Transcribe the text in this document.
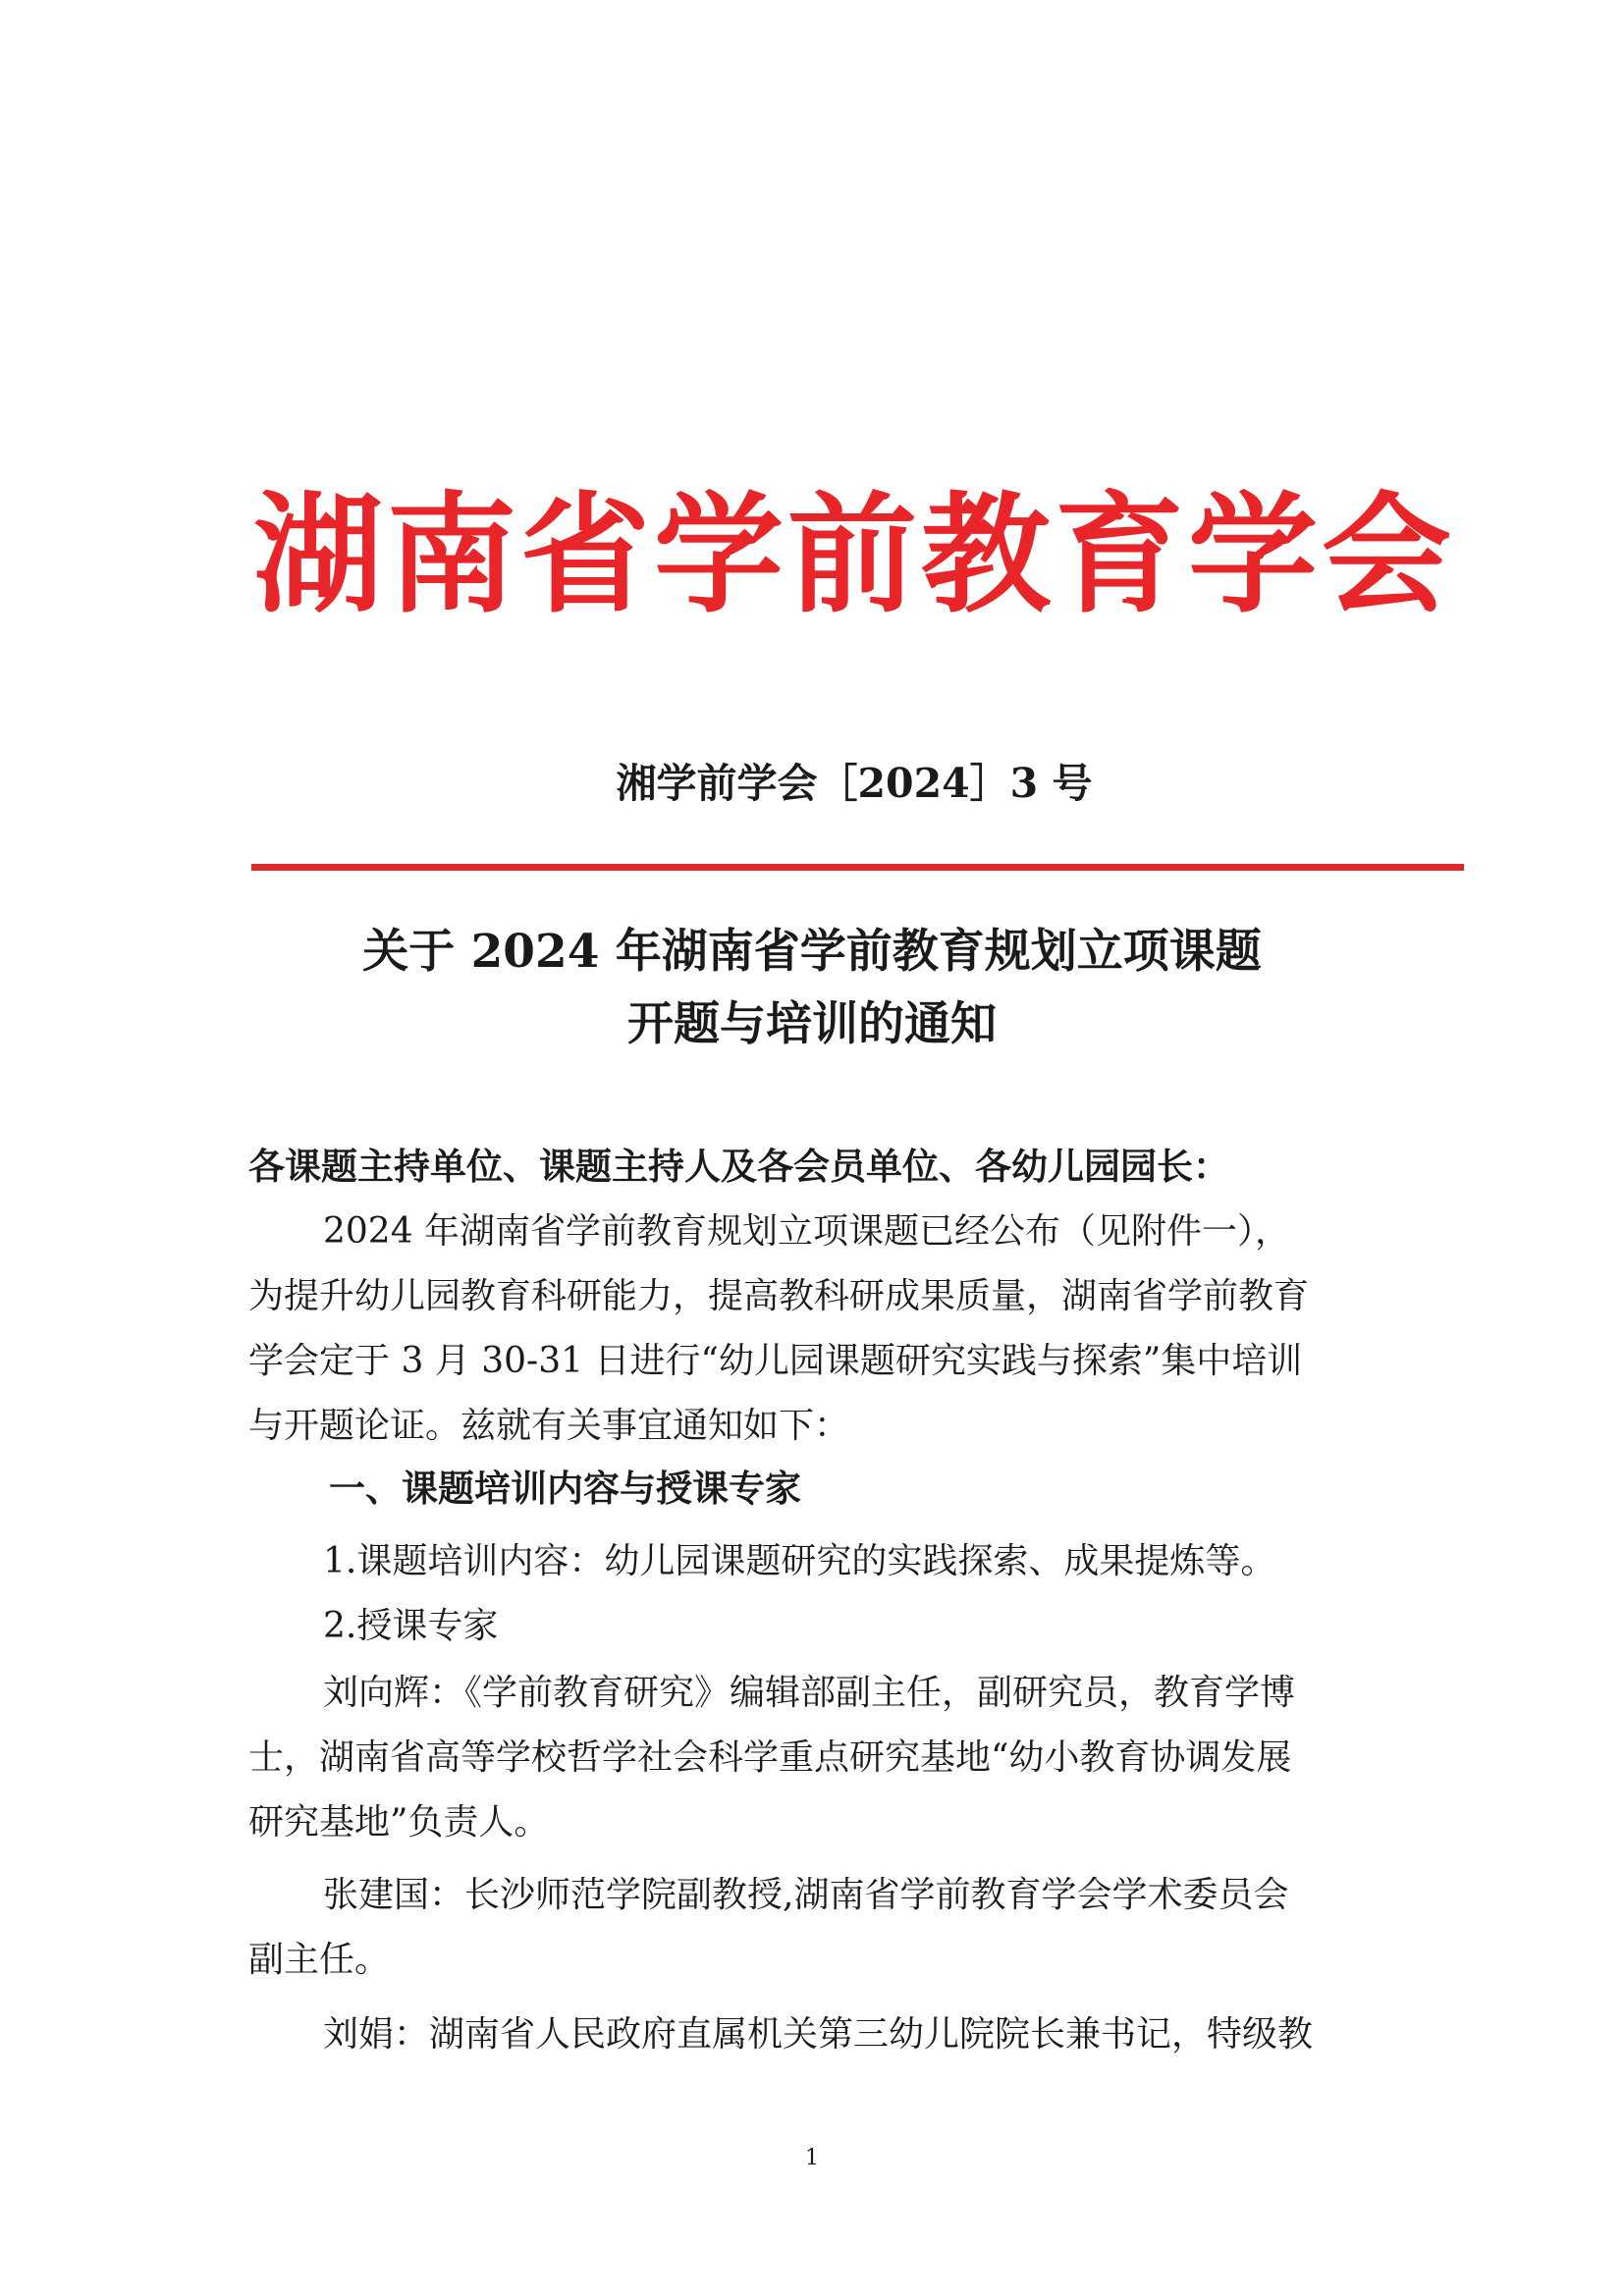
湖南省学前教育学会
湘学前学会［2024］3 号
关于 2024 年湖南省学前教育规划立项课题
开题与培训的通知
各课题主持单位、课题主持人及各会员单位、各幼儿园园长：
2024 年湖南省学前教育规划立项课题已经公布（见附件一），
为提升幼儿园教育科研能力，提高教科研成果质量，湖南省学前教育
学会定于 3 月 30-31 日进行“幼儿园课题研究实践与探索”集中培训
与开题论证。兹就有关事宜通知如下：
一、课题培训内容与授课专家
1.课题培训内容：幼儿园课题研究的实践探索、成果提炼等。
2.授课专家
刘向辉：《学前教育研究》编辑部副主任，副研究员，教育学博
士，湖南省高等学校哲学社会科学重点研究基地“幼小教育协调发展
研究基地”负责人。
张建国：长沙师范学院副教授,湖南省学前教育学会学术委员会
副主任。
刘娟：湖南省人民政府直属机关第三幼儿院院长兼书记，特级教
1
